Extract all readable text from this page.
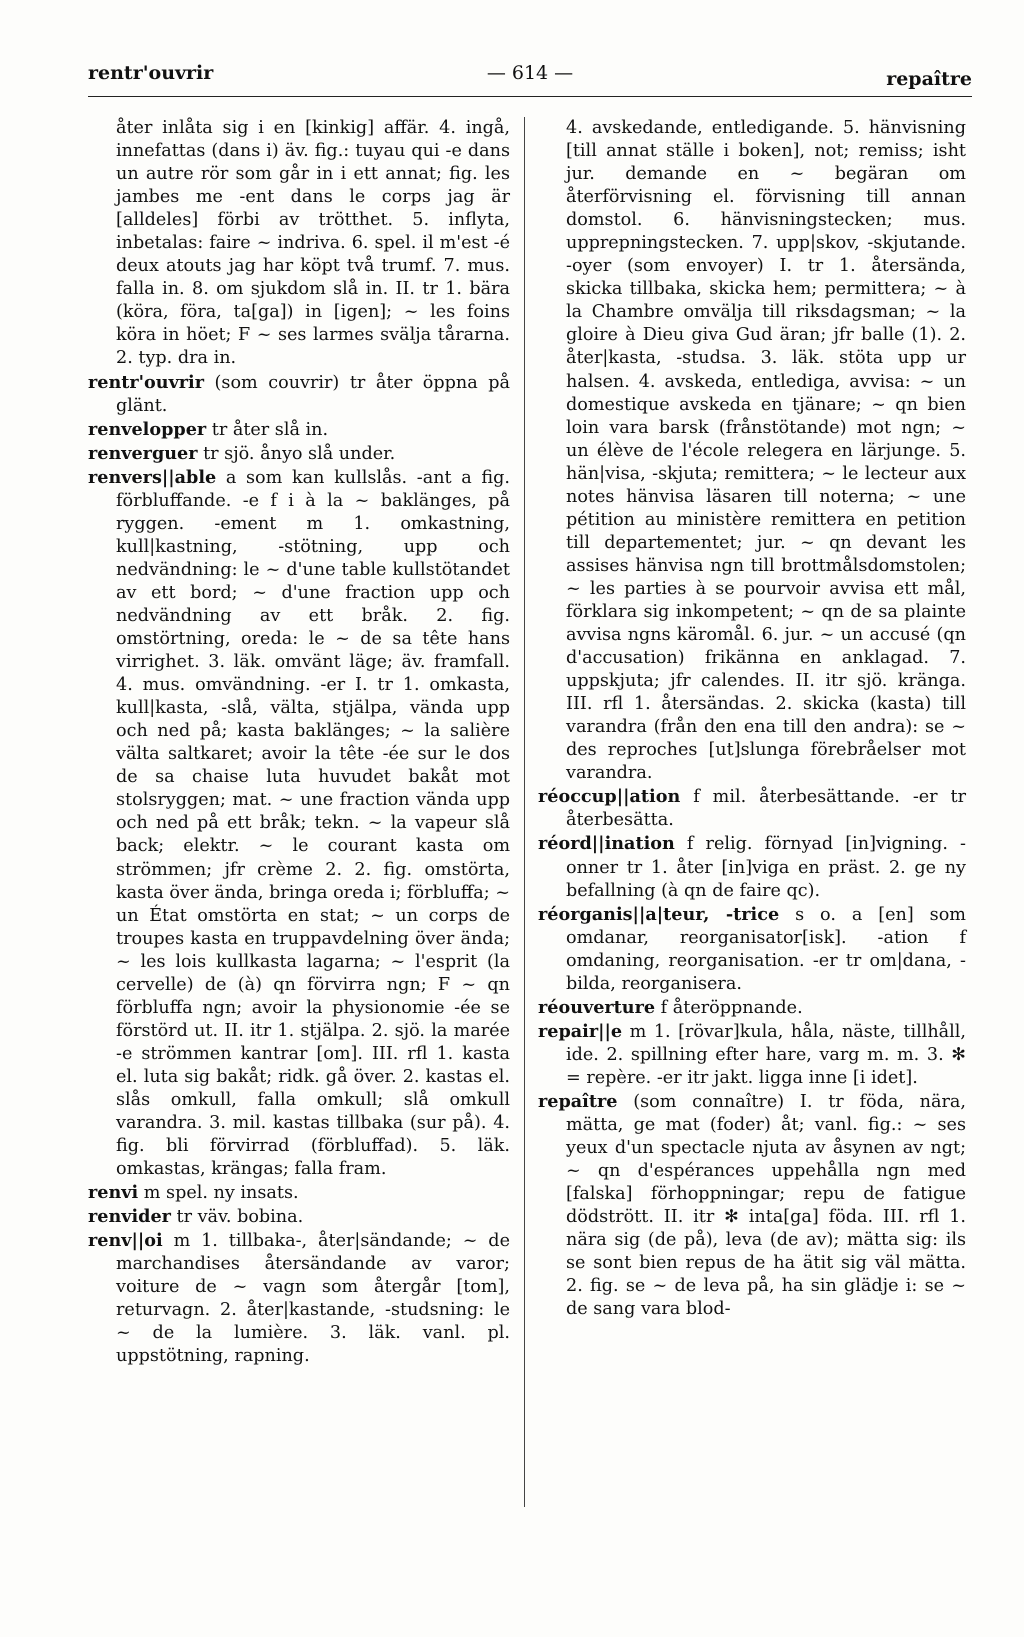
rentr'ouvrir	— 614 —	repaître

åter inlåta sig i en [kinkig] affär. 4. ingå, innefattas (dans i) äv. fig.: tuyau qui -e dans un autre rör som går in i ett annat; fig. les jambes me -ent dans le corps jag är [alldeles] förbi av trötthet. 5. inflyta, inbetalas: faire ~ indriva. 6. spel. il m'est -é deux atouts jag har köpt två trumf. 7. mus. falla in. 8. om sjukdom slå in. II. tr 1. bära (köra, föra, ta[ga]) in [igen]; ~ les foins köra in höet; F ~ ses larmes svälja tårarna. 2. typ. dra in.

rentr'ouvrir (som couvrir) tr åter öppna på glänt.

renvelopper tr åter slå in.

renverguer tr sjö. ånyo slå under.

renvers||able a som kan kullslås. -ant a fig. förbluffande. -e f i à la ~ baklänges, på ryggen. -ement m 1. omkastning, kull|kastning, -stötning, upp och nedvändning: le ~ d'une table kullstötandet av ett bord; ~ d'une fraction upp och nedvändning av ett bråk. 2. fig. omstörtning, oreda: le ~ de sa tête hans virrighet. 3. läk. omvänt läge; äv. framfall. 4. mus. omvändning. -er I. tr 1. omkasta, kull|kasta, -slå, välta, stjälpa, vända upp och ned på; kasta baklänges; ~ la salière välta saltkaret; avoir la tête -ée sur le dos de sa chaise luta huvudet bakåt mot stolsryggen; mat. ~ une fraction vända upp och ned på ett bråk; tekn. ~ la vapeur slå back; elektr. ~ le courant kasta om strömmen; jfr crème 2. 2. fig. omstörta, kasta över ända, bringa oreda i; förbluffa; ~ un État omstörta en stat; ~ un corps de troupes kasta en truppavdelning över ända; ~ les lois kullkasta lagarna; ~ l'esprit (la cervelle) de (à) qn förvirra ngn; F ~ qn förbluffa ngn; avoir la physionomie -ée se förstörd ut. II. itr 1. stjälpa. 2. sjö. la marée -e strömmen kantrar [om]. III. rfl 1. kasta el. luta sig bakåt; ridk. gå över. 2. kastas el. slås omkull, falla omkull; slå omkull varandra. 3. mil. kastas tillbaka (sur på). 4. fig. bli förvirrad (förbluffad). 5. läk. omkastas, krängas; falla fram.

renvi m spel. ny insats.

renvider tr väv. bobina.

renv||oi m 1. tillbaka-, åter|sändande; ~ de marchandises återsändande av varor; voiture de ~ vagn som återgår [tom], returvagn. 2. åter|kastande, -studsning: le ~ de la lumière. 3. läk. vanl. pl. uppstötning, rapning.

4. avskedande, entledigande. 5. hänvisning [till annat ställe i boken], not; remiss; isht jur. demande en ~ begäran om återförvisning el. förvisning till annan domstol. 6. hänvisningstecken; mus. upprepningstecken. 7. upp|skov, -skjutande. -oyer (som envoyer) I. tr 1. återsända, skicka tillbaka, skicka hem; permittera; ~ à la Chambre omvälja till riksdagsman; ~ la gloire à Dieu giva Gud äran; jfr balle (1). 2. åter|kasta, -studsa. 3. läk. stöta upp ur halsen. 4. avskeda, entlediga, avvisa: ~ un domestique avskeda en tjänare; ~ qn bien loin vara barsk (frånstötande) mot ngn; ~ un élève de l'école relegera en lärjunge. 5. hän|visa, -skjuta; remittera; ~ le lecteur aux notes hänvisa läsaren till noterna; ~ une pétition au ministère remittera en petition till departementet; jur. ~ qn devant les assises hänvisa ngn till brottmålsdomstolen; ~ les parties à se pourvoir avvisa ett mål, förklara sig inkompetent; ~ qn de sa plainte avvisa ngns käromål. 6. jur. ~ un accusé (qn d'accusation) frikänna en anklagad. 7. uppskjuta; jfr calendes. II. itr sjö. kränga. III. rfl 1. återsändas. 2. skicka (kasta) till varandra (från den ena till den andra): se ~ des reproches [ut]slunga förebråelser mot varandra.

réoccup||ation f mil. återbesättande. -er tr återbesätta.

réord||ination f relig. förnyad [in]vigning. -onner tr 1. åter [in]viga en präst. 2. ge ny befallning (à qn de faire qc).

réorganis||a|teur, -trice s o. a [en] som omdanar, reorganisator[isk]. -ation f omdaning, reorganisation. -er tr om|dana, -bilda, reorganisera.

réouverture f återöppnande.

repair||e m 1. [rövar]kula, håla, näste, tillhåll, ide. 2. spillning efter hare, varg m. m. 3. ✻ = repère. -er itr jakt. ligga inne [i idet].

repaître (som connaître) I. tr föda, nära, mätta, ge mat (foder) åt; vanl. fig.: ~ ses yeux d'un spectacle njuta av åsynen av ngt; ~ qn d'espérances uppehålla ngn med [falska] förhoppningar; repu de fatigue dödstrött. II. itr ✻ inta[ga] föda. III. rfl 1. nära sig (de på), leva (de av); mätta sig: ils se sont bien repus de ha ätit sig väl mätta. 2. fig. se ~ de leva på, ha sin glädje i: se ~ de sang vara blod-
